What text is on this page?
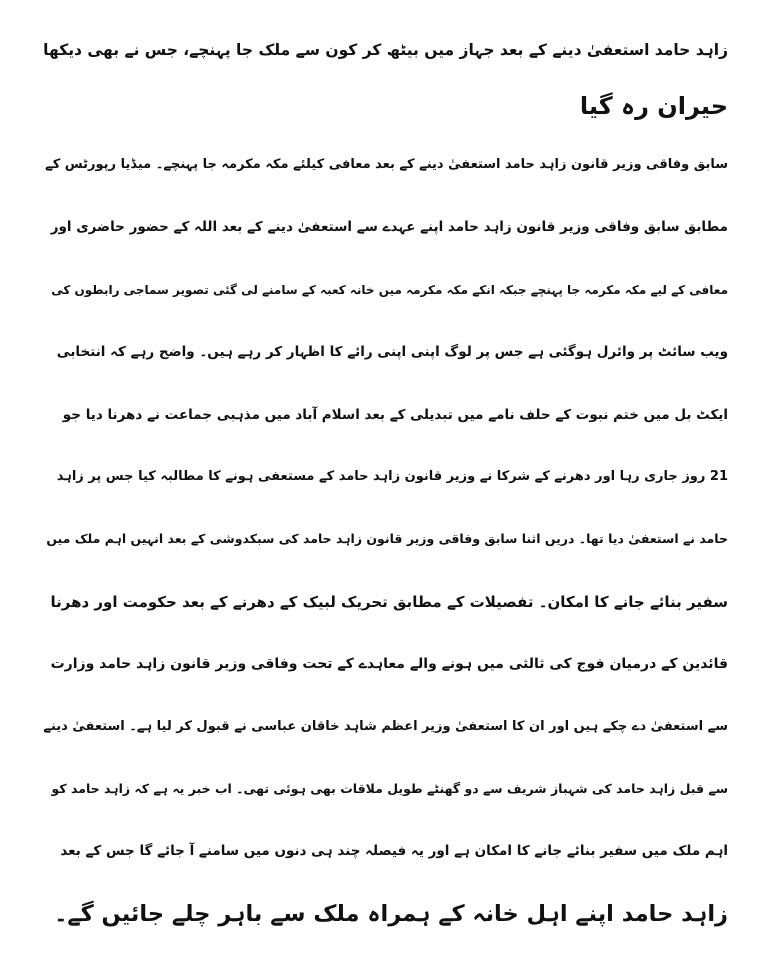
زاہد حامد استعفیٰ دینے کے بعد جہاز میں بیٹھ کر کون سے ملک جا پہنچے، جس نے بھی دیکھا
حیران رہ گیا
سابق وفاقی وزیر قانون زاہد حامد استعفیٰ دینے کے بعد معافی کیلئے مکہ مکرمہ جا پہنچے۔ میڈیا رپورٹس کے
مطابق سابق وفاقی وزیر قانون زاہد حامد اپنے عہدے سے استعفیٰ دینے کے بعد اللہ کے حضور حاضری اور
معافی کے لیے مکہ مکرمہ جا پہنچے جبکہ انکے مکہ مکرمہ میں خانہ کعبہ کے سامنے لی گئی تصویر سماجی رابطوں کی
ویب سائٹ پر وائرل ہوگئی ہے جس پر لوگ اپنی اپنی رائے کا اظہار کر رہے ہیں۔ واضح رہے کہ انتخابی
ایکٹ بل میں ختم نبوت کے حلف نامے میں تبدیلی کے بعد اسلام آباد میں مذہبی جماعت نے دھرنا دیا جو
21 روز جاری رہا اور دھرنے کے شرکا نے وزیر قانون زاہد حامد کے مستعفی ہونے کا مطالبہ کیا جس پر زاہد
حامد نے استعفیٰ دیا تھا۔ دریں اثنا سابق وفاقی وزیر قانون زاہد حامد کی سبکدوشی کے بعد انہیں اہم ملک میں
سفیر بنائے جانے کا امکان۔ تفصیلات کے مطابق تحریک لبیک کے دھرنے کے بعد حکومت اور دھرنا
قائدین کے درمیان فوج کی ثالثی میں ہونے والے معاہدے کے تحت وفاقی وزیر قانون زاہد حامد وزارت
سے استعفیٰ دے چکے ہیں اور ان کا استعفیٰ وزیر اعظم شاہد خاقان عباسی نے قبول کر لیا ہے۔ استعفیٰ دینے
سے قبل زاہد حامد کی شہباز شریف سے دو گھنٹے طویل ملاقات بھی ہوئی تھی۔ اب خبر یہ ہے کہ زاہد حامد کو
اہم ملک میں سفیر بنائے جانے کا امکان ہے اور یہ فیصلہ چند ہی دنوں میں سامنے آ جائے گا جس کے بعد
زاہد حامد اپنے اہل خانہ کے ہمراہ ملک سے باہر چلے جائیں گے۔
